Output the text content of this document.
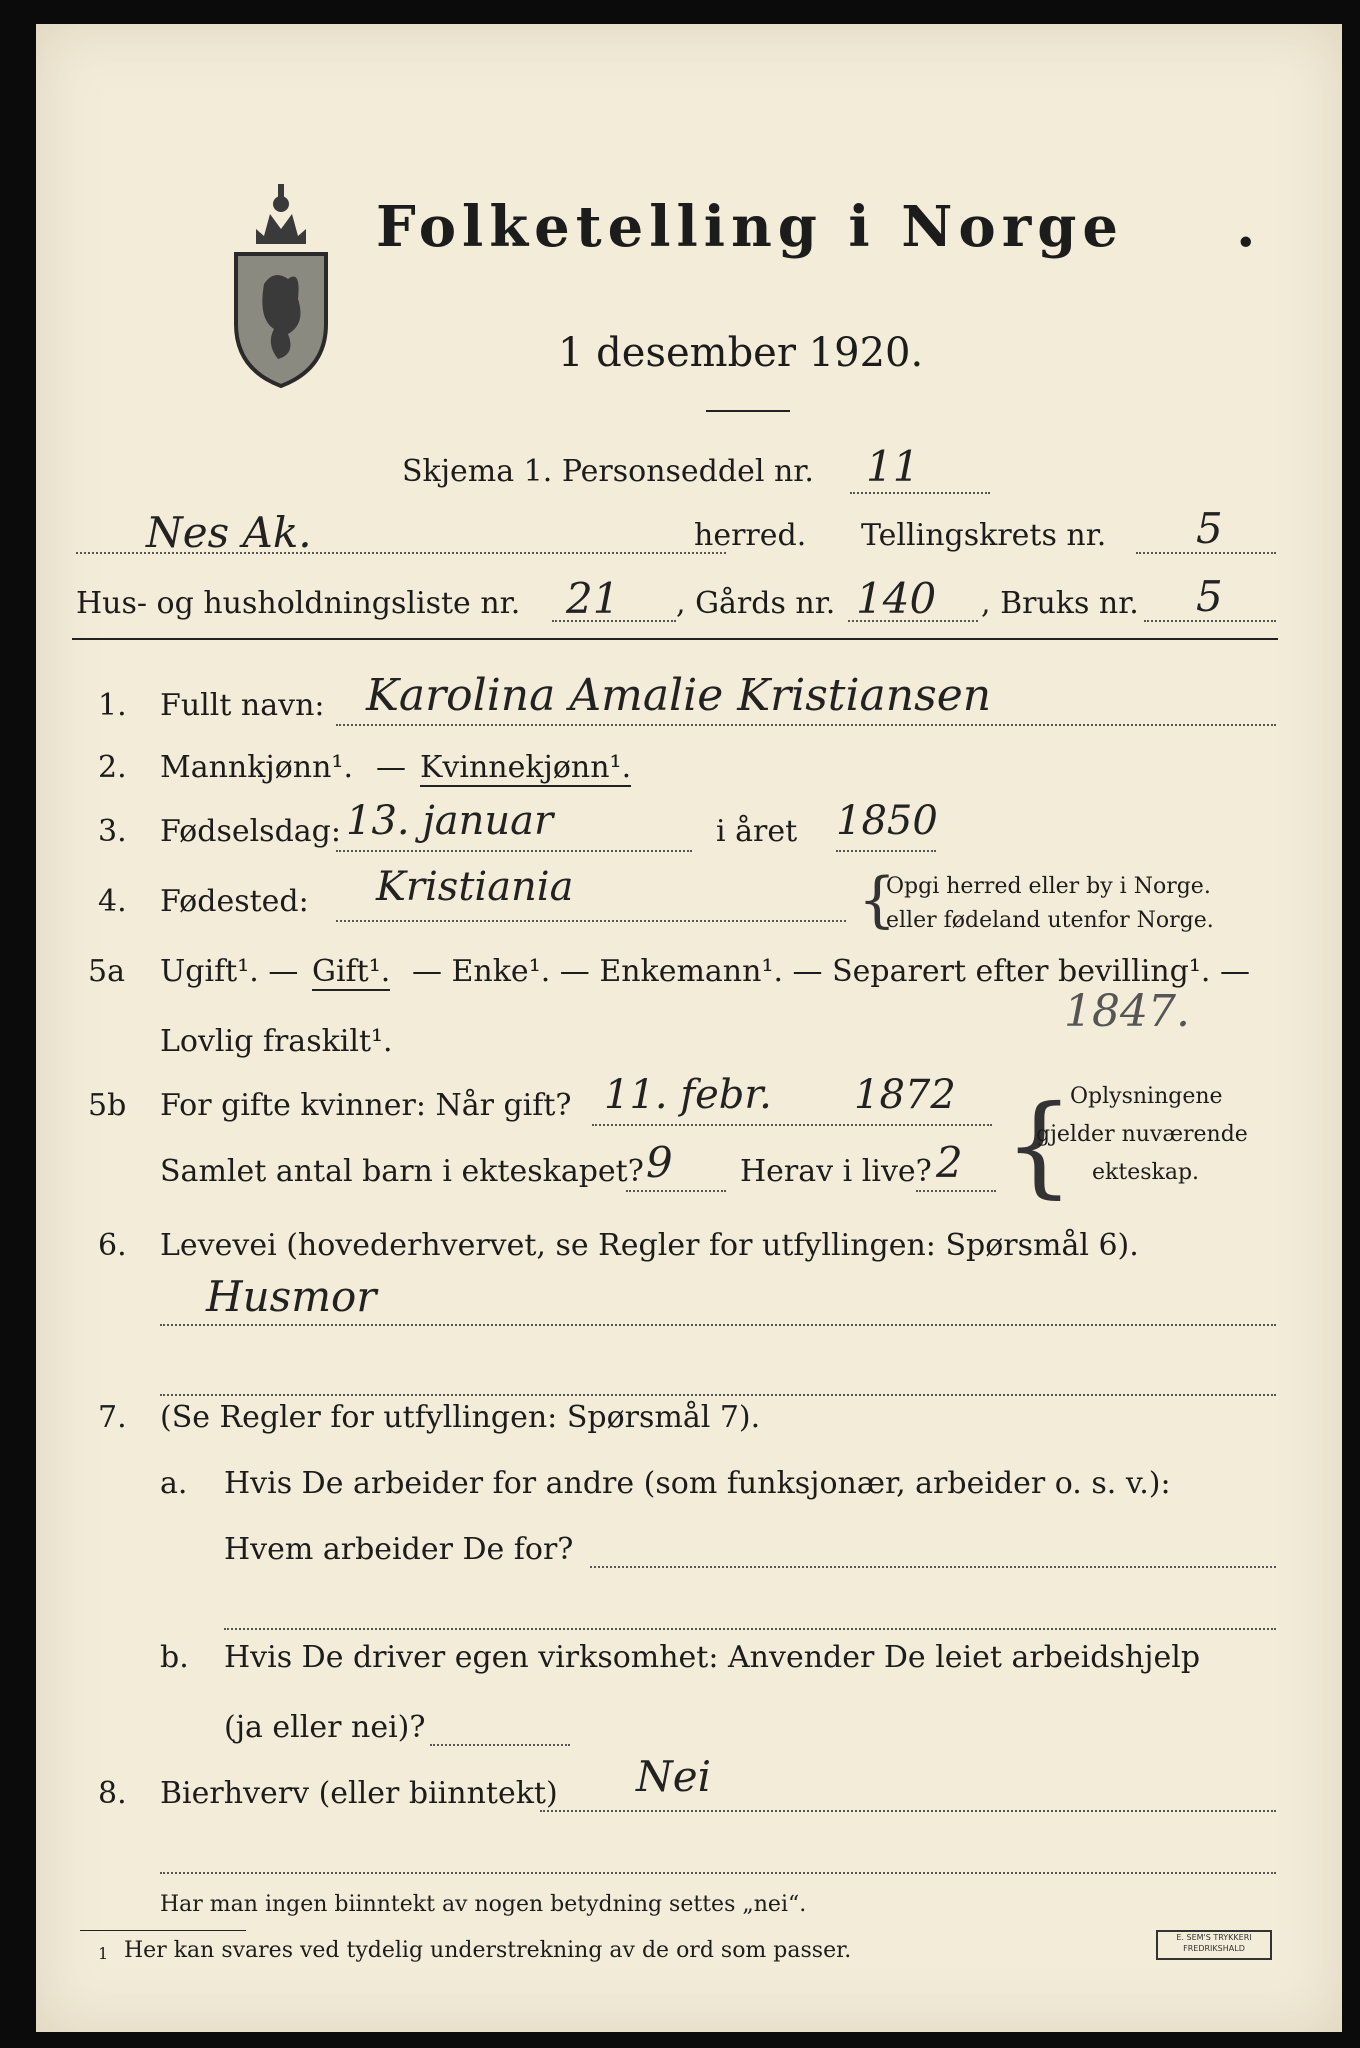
Folketelling i Norge .
1 desember 1920.
Skjema 1. Personseddel nr. 11
Nes Ak.	herred. Tellingskrets nr. 5
Hus- og husholdningsliste nr. 21 , Gårds nr. 140 , Bruks nr. 5
1. Fullt navn: Karolina Amalie Kristiansen
2. Mannkjønn¹. — Kvinnekjønn¹.
3. Fødselsdag: 13. januar	i året 1850
4. Fødested: Kristiania	{
Opgi herred eller by i Norge.
eller fødeland utenfor Norge.
5a Ugift¹. — Gift¹. — Enke¹. — Enkemann¹. — Separert efter bevilling¹. —
Lovlig fraskilt¹.
1847.
5b For gifte kvinner: Når gift? 11. febr. 1872
Samlet antal barn i ekteskapet? 9 Herav i live? 2 {
Oplysningene
gjelder nuværende
ekteskap.
6. Levevei (hovederhvervet, se Regler for utfyllingen: Spørsmål 6).
Husmor
7. (Se Regler for utfyllingen: Spørsmål 7).
a. Hvis De arbeider for andre (som funksjonær, arbeider o. s. v.):
Hvem arbeider De for?
b. Hvis De driver egen virksomhet: Anvender De leiet arbeidshjelp
(ja eller nei)?
8. Bierhverv (eller biinntekt) Nei
Har man ingen biinntekt av nogen betydning settes „nei“.
1 Her kan svares ved tydelig understrekning av de ord som passer.
E. SEM'S TRYKKERI FREDRIKSHALD
